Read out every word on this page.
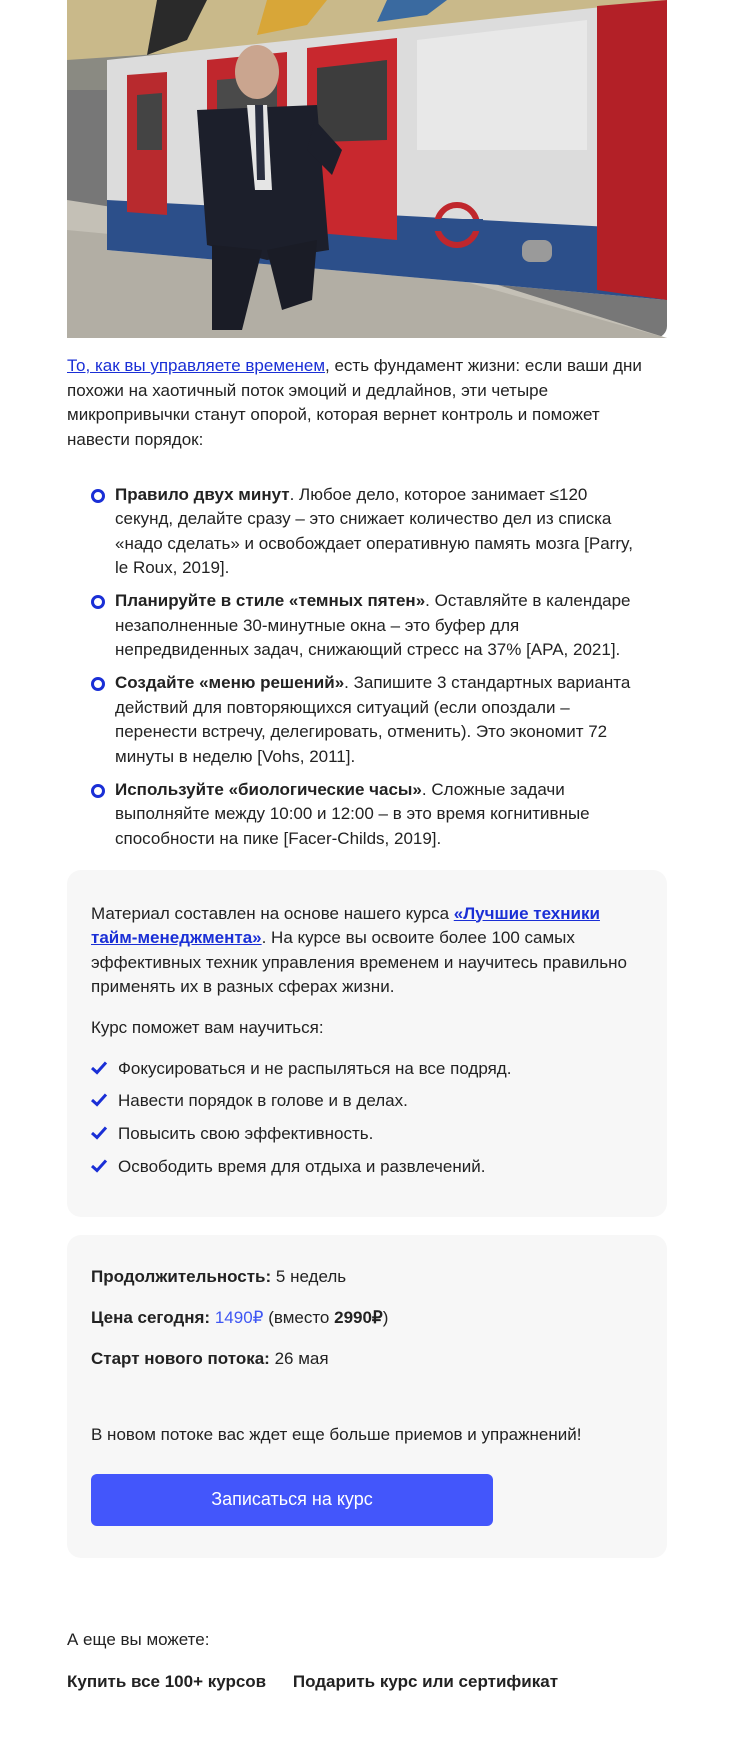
То, как вы управляете временем, есть фундамент жизни: если ваши дни похожи на хаотичный поток эмоций и дедлайнов, эти четыре микропривычки станут опорой, которая вернет контроль и поможет навести порядок:

Правило двух минут. Любое дело, которое занимает ≤120 секунд, делайте сразу – это снижает количество дел из списка «надо сделать» и освобождает оперативную память мозга [Parry, le Roux, 2019].
Планируйте в стиле «темных пятен». Оставляйте в календаре незаполненные 30-минутные окна – это буфер для непредвиденных задач, снижающий стресс на 37% [APA, 2021].
Создайте «меню решений». Запишите 3 стандартных варианта действий для повторяющихся ситуаций (если опоздали – перенести встречу, делегировать, отменить). Это экономит 72 минуты в неделю [Vohs, 2011].
Используйте «биологические часы». Сложные задачи выполняйте между 10:00 и 12:00 – в это время когнитивные способности на пике [Facer-Childs, 2019].

Материал составлен на основе нашего курса «Лучшие техники тайм-менеджмента». На курсе вы освоите более 100 самых эффективных техник управления временем и научитесь правильно применять их в разных сферах жизни.

Курс поможет вам научиться:

Фокусироваться и не распыляться на все подряд.
Навести порядок в голове и в делах.
Повысить свою эффективность.
Освободить время для отдыха и развлечений.

Продолжительность: 5 недель

Цена сегодня: 1490₽ (вместо 2990₽)

Старт нового потока: 26 мая

В новом потоке вас ждет еще больше приемов и упражнений!

Записаться на курс

А еще вы можете:

Купить все 100+ курсов Подарить курс или сертификат
